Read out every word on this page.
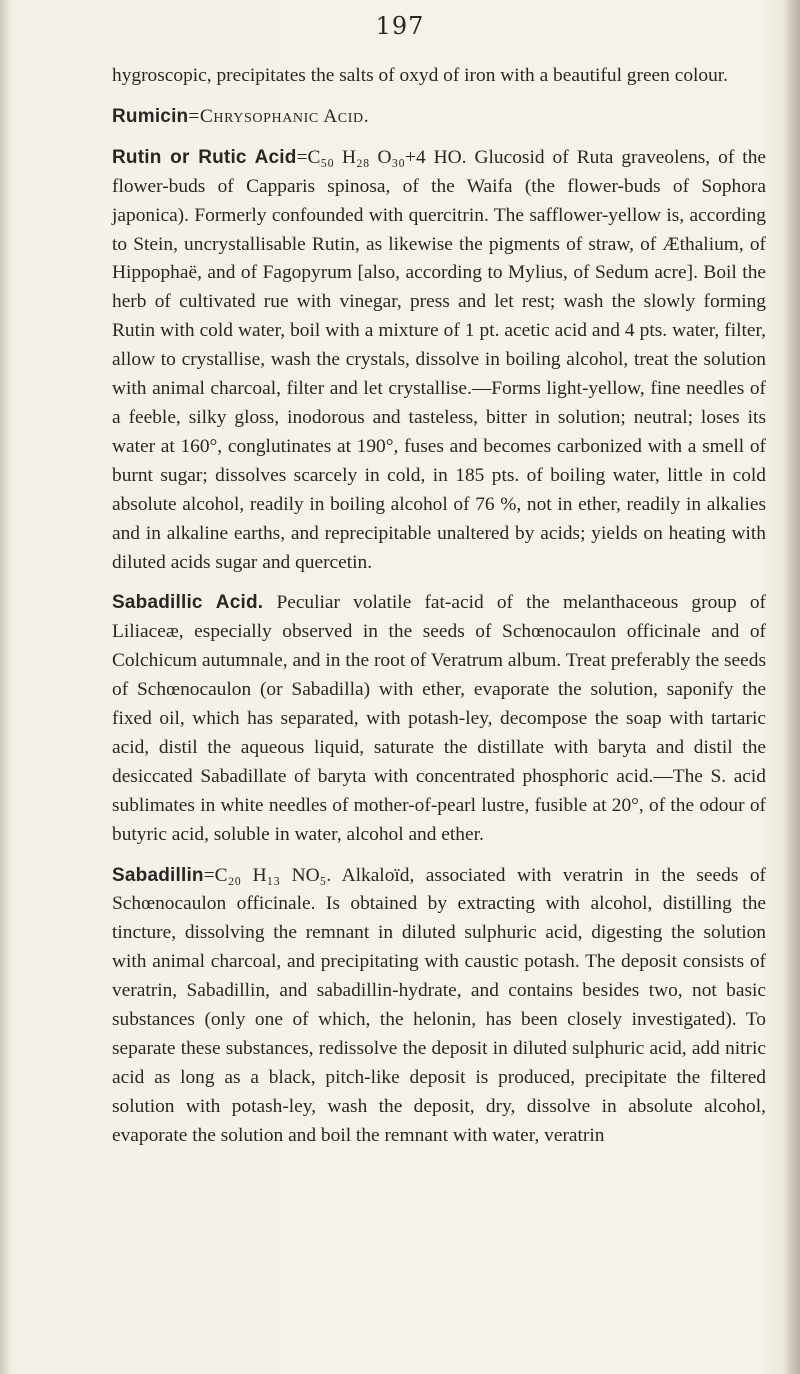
197

hygroscopic, precipitates the salts of oxyd of iron with a beautiful green colour.

Rumicin=Chrysophanic Acid.

Rutin or Rutic Acid=C₅₀ H₂₈ O₃₀+4 HO. Glucosid of Ruta graveolens, of the flower-buds of Capparis spinosa, of the Waifa (the flower-buds of Sophora japonica). Formerly confounded with quercitrin. The safflower-yellow is, according to Stein, uncrystallisable Rutin, as likewise the pigments of straw, of Æthalium, of Hippophaë, and of Fagopyrum [also, according to Mylius, of Sedum acre]. Boil the herb of cultivated rue with vinegar, press and let rest; wash the slowly forming Rutin with cold water, boil with a mixture of 1 pt. acetic acid and 4 pts. water, filter, allow to crystallise, wash the crystals, dissolve in boiling alcohol, treat the solution with animal charcoal, filter and let crystallise.—Forms light-yellow, fine needles of a feeble, silky gloss, inodorous and tasteless, bitter in solution; neutral; loses its water at 160°, conglutinates at 190°, fuses and becomes carbonized with a smell of burnt sugar; dissolves scarcely in cold, in 185 pts. of boiling water, little in cold absolute alcohol, readily in boiling alcohol of 76 %, not in ether, readily in alkalies and in alkaline earths, and reprecipitable unaltered by acids; yields on heating with diluted acids sugar and quercetin.

Sabadillic Acid. Peculiar volatile fat-acid of the melanthaceous group of Liliaceæ, especially observed in the seeds of Schœnocaulon officinale and of Colchicum autumnale, and in the root of Veratrum album. Treat preferably the seeds of Schœnocaulon (or Sabadilla) with ether, evaporate the solution, saponify the fixed oil, which has separated, with potash-ley, decompose the soap with tartaric acid, distil the aqueous liquid, saturate the distillate with baryta and distil the desiccated Sabadillate of baryta with concentrated phosphoric acid.—The S. acid sublimates in white needles of mother-of-pearl lustre, fusible at 20°, of the odour of butyric acid, soluble in water, alcohol and ether.

Sabadillin=C₂₀ H₁₃ NO₅. Alkaloïd, associated with veratrin in the seeds of Schœnocaulon officinale. Is obtained by extracting with alcohol, distilling the tincture, dissolving the remnant in diluted sulphuric acid, digesting the solution with animal charcoal, and precipitating with caustic potash. The deposit consists of veratrin, Sabadillin, and sabadillin-hydrate, and contains besides two, not basic substances (only one of which, the helonin, has been closely investigated). To separate these substances, redissolve the deposit in diluted sulphuric acid, add nitric acid as long as a black, pitch-like deposit is produced, precipitate the filtered solution with potash-ley, wash the deposit, dry, dissolve in absolute alcohol, evaporate the solution and boil the remnant with water, veratrin
